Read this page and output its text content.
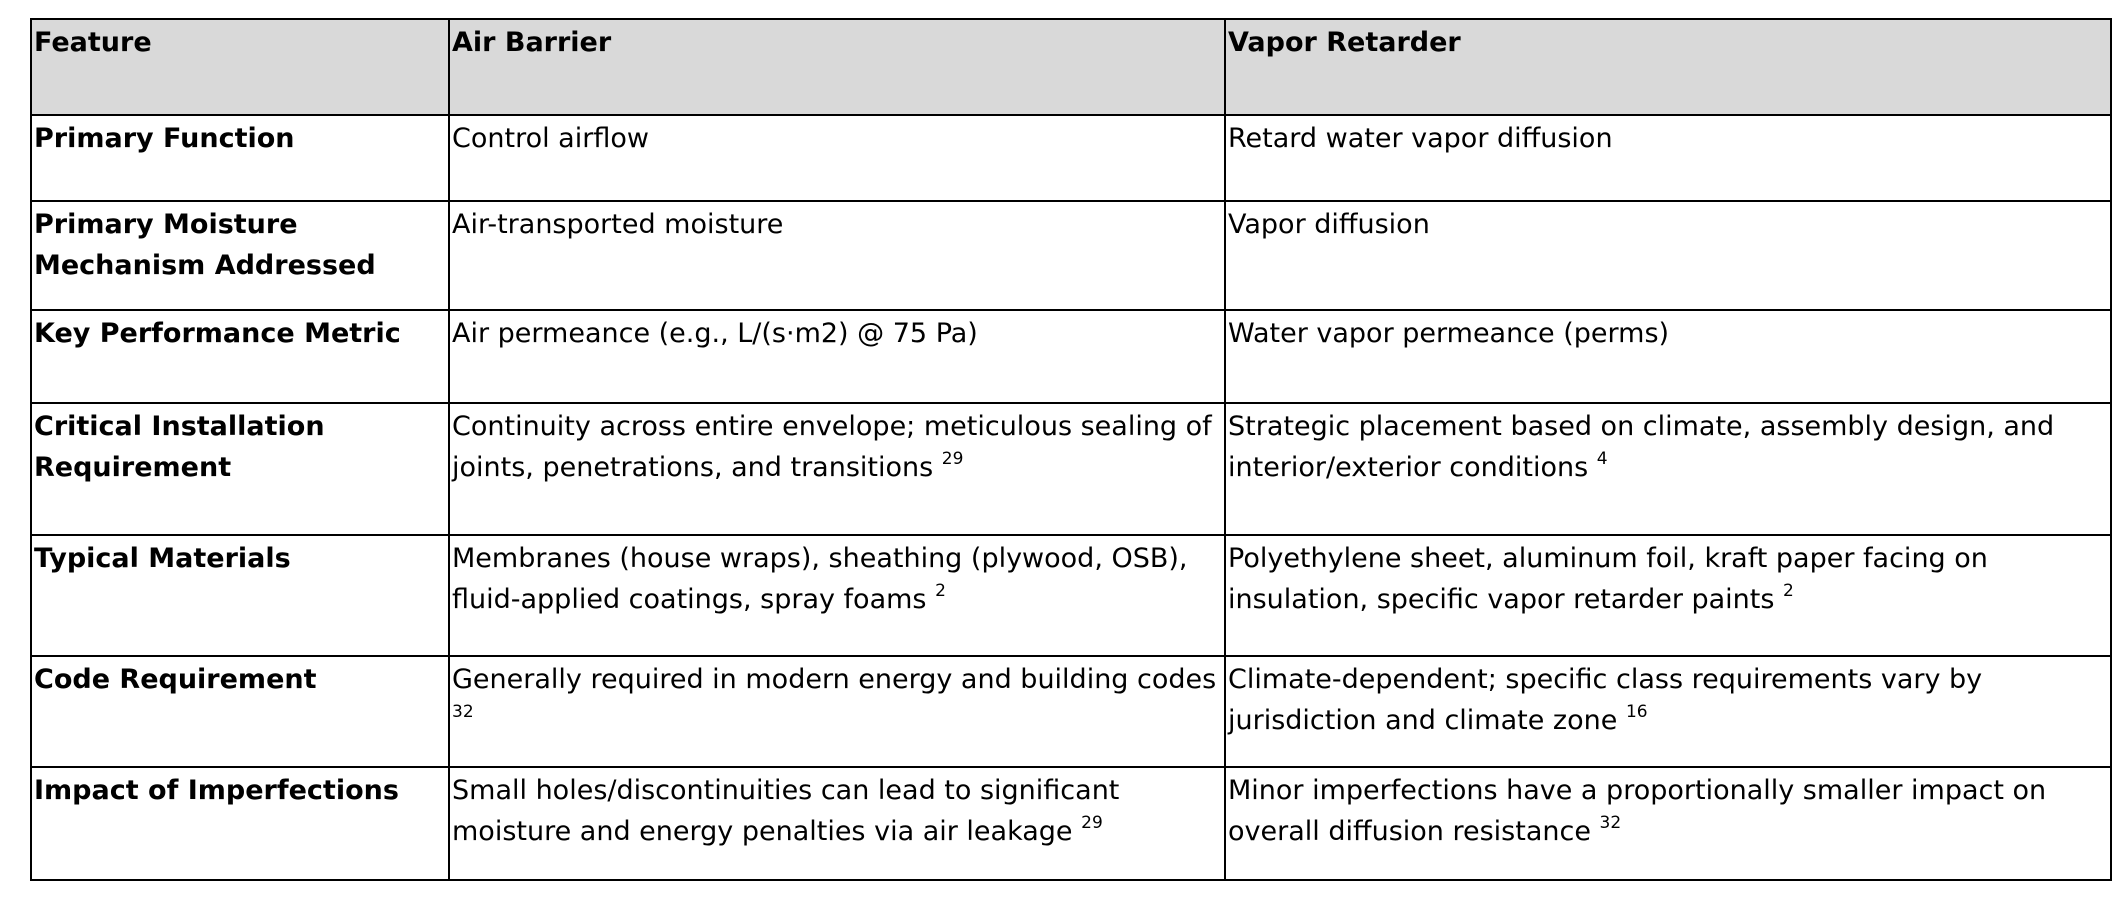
Feature	Air Barrier	Vapor Retarder
Primary Function	Control airflow	Retard water vapor diffusion
Primary Moisture Mechanism Addressed	Air-transported moisture	Vapor diffusion
Key Performance Metric	Air permeance (e.g., L/(s·m2) @ 75 Pa)	Water vapor permeance (perms)
Critical Installation Requirement	Continuity across entire envelope; meticulous sealing of joints, penetrations, and transitions $^{29}$	Strategic placement based on climate, assembly design, and interior/exterior conditions $^4$
Typical Materials	Membranes (house wraps), sheathing (plywood, OSB), fluid-applied coatings, spray foams $^2$	Polyethylene sheet, aluminum foil, kraft paper facing on insulation, specific vapor retarder paints $^2$
Code Requirement	Generally required in modern energy and building codes $^{32}$	Climate-dependent; specific class requirements vary by jurisdiction and climate zone $^{16}$
Impact of Imperfections	Small holes/discontinuities can lead to significant moisture and energy penalties via air leakage $^{29}$	Minor imperfections have a proportionally smaller impact on overall diffusion resistance $^{32}$
